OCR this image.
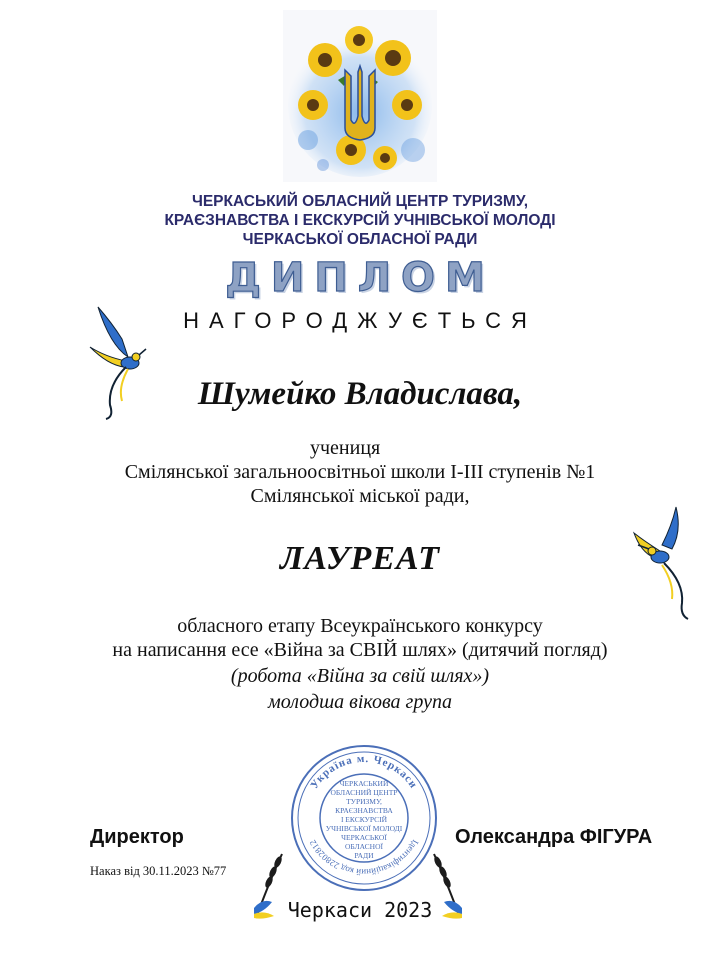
ЧЕРКАСЬКИЙ ОБЛАСНИЙ ЦЕНТР ТУРИЗМУ,
КРАЄЗНАВСТВА І ЕКСКУРСІЙ УЧНІВСЬКОЇ МОЛОДІ
ЧЕРКАСЬКОЇ ОБЛАСНОЇ РАДИ
ДИПЛОМ
НАГОРОДЖУЄТЬСЯ
Шумейко Владислава,
учениця
Смілянської загальноосвітньої школи І-ІІІ ступенів №1
Смілянської міської ради,
ЛАУРЕАТ
обласного етапу Всеукраїнського конкурсу
на написання есе «Війна за СВІЙ шлях» (дитячий погляд)
(робота «Війна за свій шлях»)
молодша вікова група
Україна м. Черкаси
Ідентифікаційний код 22802812
ЧЕРКАСЬКИЙ
ОБЛАСНИЙ ЦЕНТР
ТУРИЗМУ,
КРАЄЗНАВСТВА
І ЕКСКУРСІЙ
УЧНІВСЬКОЇ МОЛОДІ
ЧЕРКАСЬКОЇ
ОБЛАСНОЇ
РАДИ
Директор	Олександра ФІГУРА
Наказ від 30.11.2023 №77
Черкаси 2023
